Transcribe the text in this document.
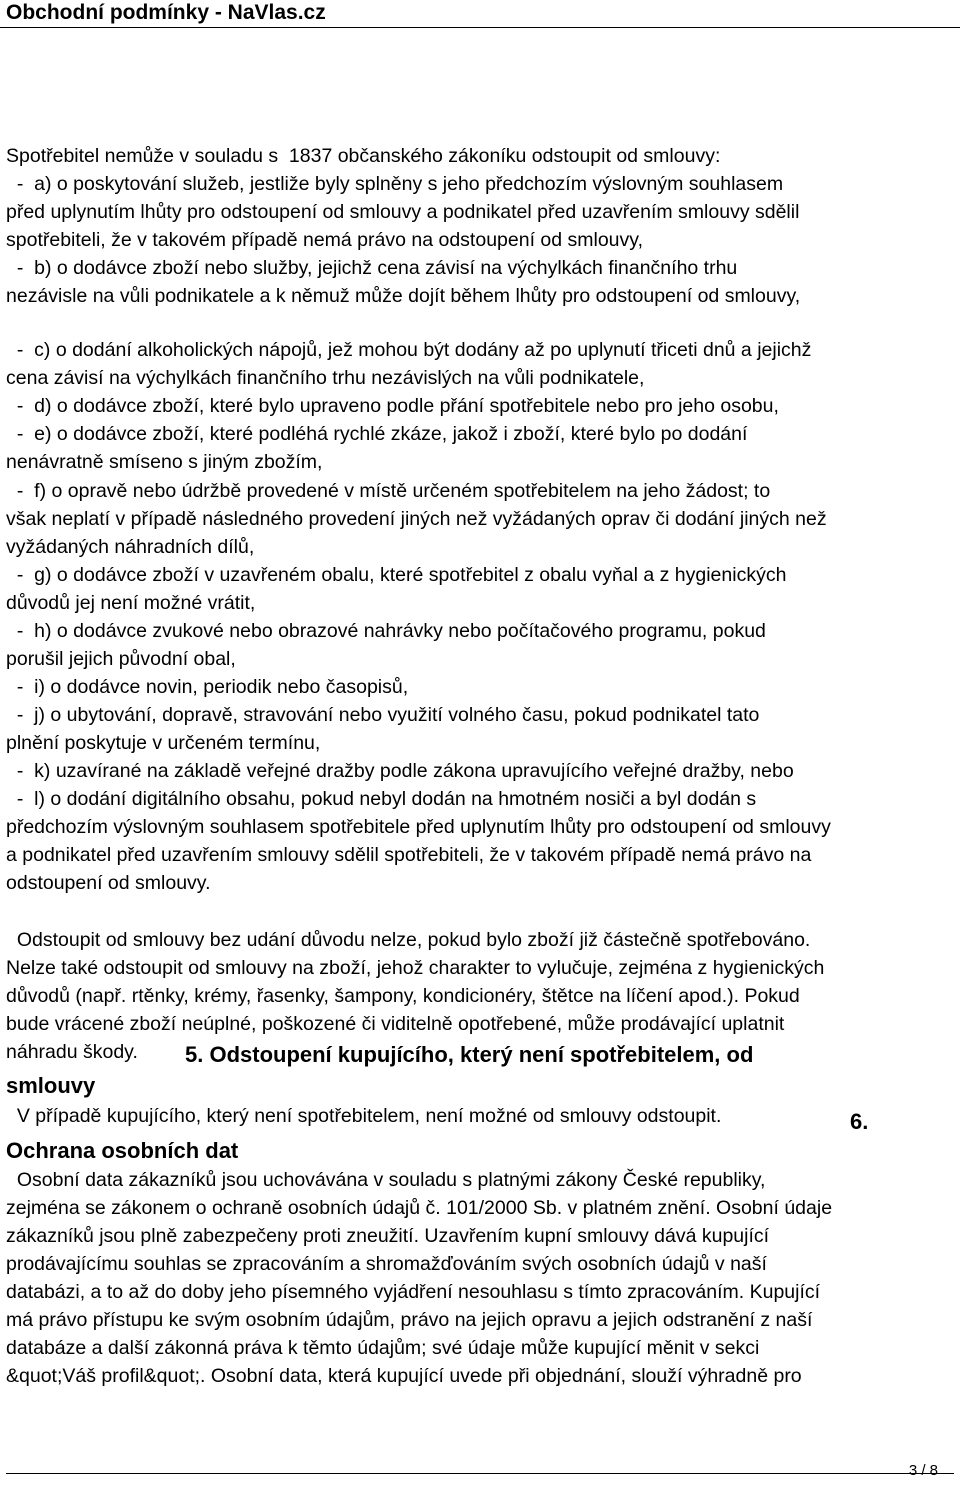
Obchodní podmínky - NaVlas.cz
Spotřebitel nemůže v souladu s  1837 občanského zákoníku odstoupit od smlouvy:
-  a) o poskytování služeb, jestliže byly splněny s jeho předchozím výslovným souhlasem
před uplynutím lhůty pro odstoupení od smlouvy a podnikatel před uzavřením smlouvy sdělil
spotřebiteli, že v takovém případě nemá právo na odstoupení od smlouvy,
-  b) o dodávce zboží nebo služby, jejichž cena závisí na výchylkách finančního trhu
nezávisle na vůli podnikatele a k němuž může dojít během lhůty pro odstoupení od smlouvy,
-  c) o dodání alkoholických nápojů, jež mohou být dodány až po uplynutí třiceti dnů a jejichž
cena závisí na výchylkách finančního trhu nezávislých na vůli podnikatele,
-  d) o dodávce zboží, které bylo upraveno podle přání spotřebitele nebo pro jeho osobu,
-  e) o dodávce zboží, které podléhá rychlé zkáze, jakož i zboží, které bylo po dodání
nenávratně smíseno s jiným zbožím,
-  f) o opravě nebo údržbě provedené v místě určeném spotřebitelem na jeho žádost; to
však neplatí v případě následného provedení jiných než vyžádaných oprav či dodání jiných než
vyžádaných náhradních dílů,
-  g) o dodávce zboží v uzavřeném obalu, které spotřebitel z obalu vyňal a z hygienických
důvodů jej není možné vrátit,
-  h) o dodávce zvukové nebo obrazové nahrávky nebo počítačového programu, pokud
porušil jejich původní obal,
-  i) o dodávce novin, periodik nebo časopisů,
-  j) o ubytování, dopravě, stravování nebo využití volného času, pokud podnikatel tato
plnění poskytuje v určeném termínu,
-  k) uzavírané na základě veřejné dražby podle zákona upravujícího veřejné dražby, nebo
-  l) o dodání digitálního obsahu, pokud nebyl dodán na hmotném nosiči a byl dodán s
předchozím výslovným souhlasem spotřebitele před uplynutím lhůty pro odstoupení od smlouvy
a podnikatel před uzavřením smlouvy sdělil spotřebiteli, že v takovém případě nemá právo na
odstoupení od smlouvy.
Odstoupit od smlouvy bez udání důvodu nelze, pokud bylo zboží již částečně spotřebováno.
Nelze také odstoupit od smlouvy na zboží, jehož charakter to vylučuje, zejména z hygienických
důvodů (např. rtěnky, krémy, řasenky, šampony, kondicionéry, štětce na líčení apod.). Pokud
bude vrácené zboží neúplné, poškozené či viditelně opotřebené, může prodávající uplatnit
náhradu škody. 5. Odstoupení kupujícího, který není spotřebitelem, od
smlouvy
V případě kupujícího, který není spotřebitelem, není možné od smlouvy odstoupit.	6.
Ochrana osobních dat
Osobní data zákazníků jsou uchovávána v souladu s platnými zákony České republiky,
zejména se zákonem o ochraně osobních údajů č. 101/2000 Sb. v platném znění. Osobní údaje
zákazníků jsou plně zabezpečeny proti zneužití. Uzavřením kupní smlouvy dává kupující
prodávajícímu souhlas se zpracováním a shromažďováním svých osobních údajů v naší
databázi, a to až do doby jeho písemného vyjádření nesouhlasu s tímto zpracováním. Kupující
má právo přístupu ke svým osobním údajům, právo na jejich opravu a jejich odstranění z naší
databáze a další zákonná práva k těmto údajům; své údaje může kupující měnit v sekci
&quot;Váš profil&quot;. Osobní data, která kupující uvede při objednání, slouží výhradně pro
3 / 8
